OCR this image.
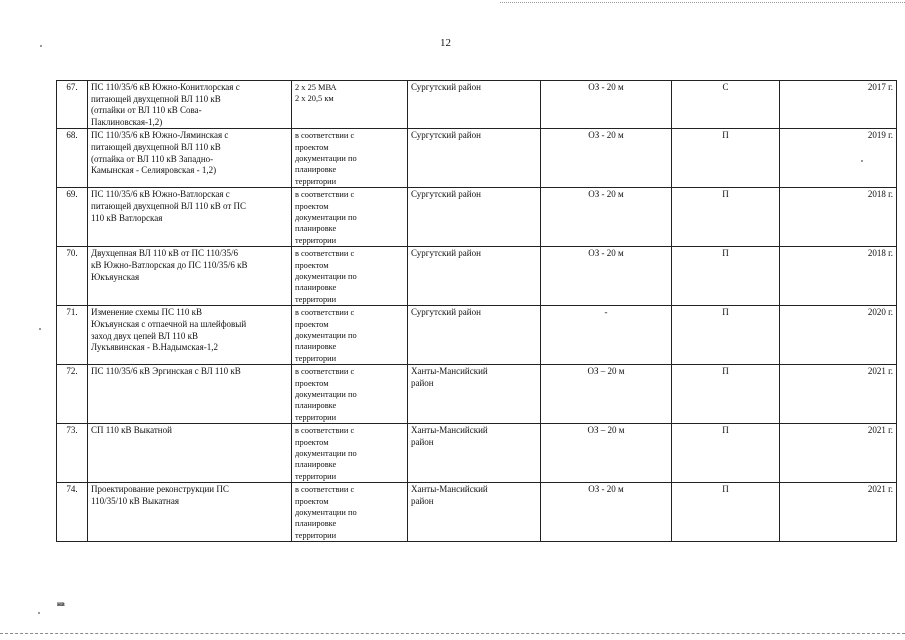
12
67.	ПС 110/35/6 кВ Южно-Конитлорская с
питающей двухцепной ВЛ 110 кВ
(отпайки от ВЛ 110 кВ Сова-
Паклиновская-1,2)	2 х 25 МВА
2 х 20,5 км	Сургутский район	ОЗ - 20 м	С	2017 г.
68.	ПС 110/35/6 кВ Южно-Ляминская с
питающей двухцепной ВЛ 110 кВ
(отпайка от ВЛ 110 кВ Западно-
Камынская - Селияровская - 1,2)	в соответствии с
проектом
документации по
планировке
территории	Сургутский район	ОЗ - 20 м	П	2019 г.
69.	ПС 110/35/6 кВ Южно-Ватлорская с
питающей двухцепной ВЛ 110 кВ от ПС
110 кВ Ватлорская	в соответствии с
проектом
документации по
планировке
территории	Сургутский район	ОЗ - 20 м	П	2018 г.
70.	Двухцепная ВЛ 110 кВ от ПС 110/35/6
кВ Южно-Ватлорская до ПС 110/35/6 кВ
Юкъяунская	в соответствии с
проектом
документации по
планировке
территории	Сургутский район	ОЗ - 20 м	П	2018 г.
71.	Изменение схемы ПС 110 кВ
Юкъяунская с отпаечной на шлейфовый
заход двух цепей ВЛ 110 кВ
Лукъявинская - В.Надымская-1,2	в соответствии с
проектом
документации по
планировке
территории	Сургутский район	-	П	2020 г.
72.	ПС 110/35/6 кВ Эргинская с ВЛ 110 кВ	в соответствии с
проектом
документации по
планировке
территории	Ханты-Мансийский
район	ОЗ – 20 м	П	2021 г.
73.	СП 110 кВ Выкатной	в соответствии с
проектом
документации по
планировке
территории	Ханты-Мансийский
район	ОЗ – 20 м	П	2021 г.
74.	Проектирование реконструкции ПС
110/35/10 кВ Выкатная	в соответствии с
проектом
документации по
планировке
территории	Ханты-Мансийский
район	ОЗ - 20 м	П	2021 г.
нв
